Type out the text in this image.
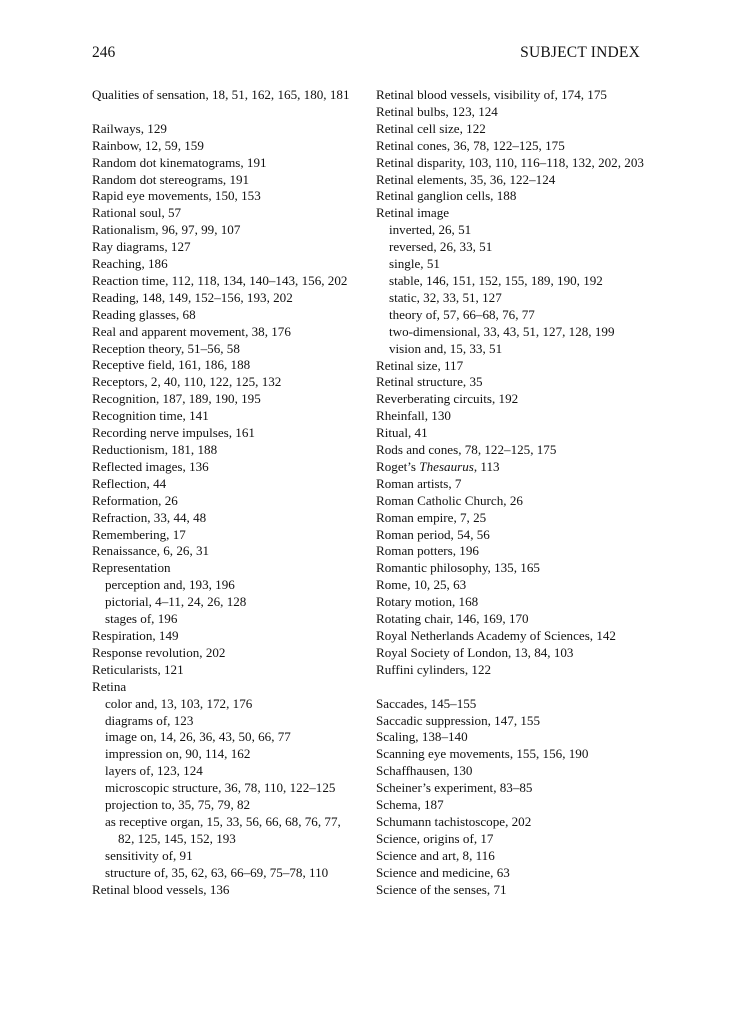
246	SUBJECT INDEX
Qualities of sensation, 18, 51, 162, 165, 180, 181
Railways, 129
Rainbow, 12, 59, 159
Random dot kinematograms, 191
Random dot stereograms, 191
Rapid eye movements, 150, 153
Rational soul, 57
Rationalism, 96, 97, 99, 107
Ray diagrams, 127
Reaching, 186
Reaction time, 112, 118, 134, 140–143, 156, 202
Reading, 148, 149, 152–156, 193, 202
Reading glasses, 68
Real and apparent movement, 38, 176
Reception theory, 51–56, 58
Receptive field, 161, 186, 188
Receptors, 2, 40, 110, 122, 125, 132
Recognition, 187, 189, 190, 195
Recognition time, 141
Recording nerve impulses, 161
Reductionism, 181, 188
Reflected images, 136
Reflection, 44
Reformation, 26
Refraction, 33, 44, 48
Remembering, 17
Renaissance, 6, 26, 31
Representation
perception and, 193, 196
pictorial, 4–11, 24, 26, 128
stages of, 196
Respiration, 149
Response revolution, 202
Reticularists, 121
Retina
color and, 13, 103, 172, 176
diagrams of, 123
image on, 14, 26, 36, 43, 50, 66, 77
impression on, 90, 114, 162
layers of, 123, 124
microscopic structure, 36, 78, 110, 122–125
projection to, 35, 75, 79, 82
as receptive organ, 15, 33, 56, 66, 68, 76, 77, 82, 125, 145, 152, 193
sensitivity of, 91
structure of, 35, 62, 63, 66–69, 75–78, 110
Retinal blood vessels, 136
Retinal blood vessels, visibility of, 174, 175
Retinal bulbs, 123, 124
Retinal cell size, 122
Retinal cones, 36, 78, 122–125, 175
Retinal disparity, 103, 110, 116–118, 132, 202, 203
Retinal elements, 35, 36, 122–124
Retinal ganglion cells, 188
Retinal image
inverted, 26, 51
reversed, 26, 33, 51
single, 51
stable, 146, 151, 152, 155, 189, 190, 192
static, 32, 33, 51, 127
theory of, 57, 66–68, 76, 77
two-dimensional, 33, 43, 51, 127, 128, 199
vision and, 15, 33, 51
Retinal size, 117
Retinal structure, 35
Reverberating circuits, 192
Rheinfall, 130
Ritual, 41
Rods and cones, 78, 122–125, 175
Roget’s Thesaurus, 113
Roman artists, 7
Roman Catholic Church, 26
Roman empire, 7, 25
Roman period, 54, 56
Roman potters, 196
Romantic philosophy, 135, 165
Rome, 10, 25, 63
Rotary motion, 168
Rotating chair, 146, 169, 170
Royal Netherlands Academy of Sciences, 142
Royal Society of London, 13, 84, 103
Ruffini cylinders, 122
Saccades, 145–155
Saccadic suppression, 147, 155
Scaling, 138–140
Scanning eye movements, 155, 156, 190
Schaffhausen, 130
Scheiner’s experiment, 83–85
Schema, 187
Schumann tachistoscope, 202
Science, origins of, 17
Science and art, 8, 116
Science and medicine, 63
Science of the senses, 71
